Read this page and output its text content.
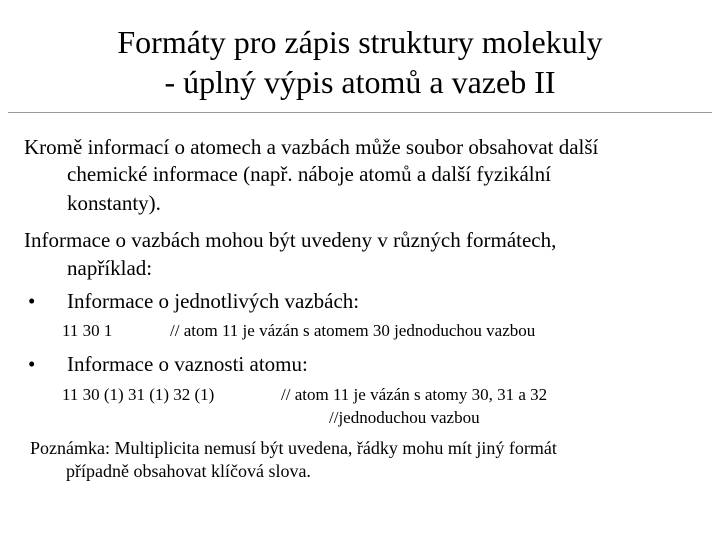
Formáty pro zápis struktury molekuly
- úplný výpis atomů a vazeb II
Kromě informací o atomech a vazbách může soubor obsahovat další
chemické informace (např. náboje atomů a další fyzikální
konstanty).
Informace o vazbách mohou být uvedeny v různých formátech,
například:
• Informace o jednotlivých vazbách:
11 30 1	// atom 11 je vázán s atomem 30 jednoduchou vazbou
• Informace o vaznosti atomu:
11 30 (1) 31 (1) 32 (1)	// atom 11 je vázán s atomy 30, 31 a 32
//jednoduchou vazbou
Poznámka: Multiplicita nemusí být uvedena, řádky mohu mít jiný formát
případně obsahovat klíčová slova.
